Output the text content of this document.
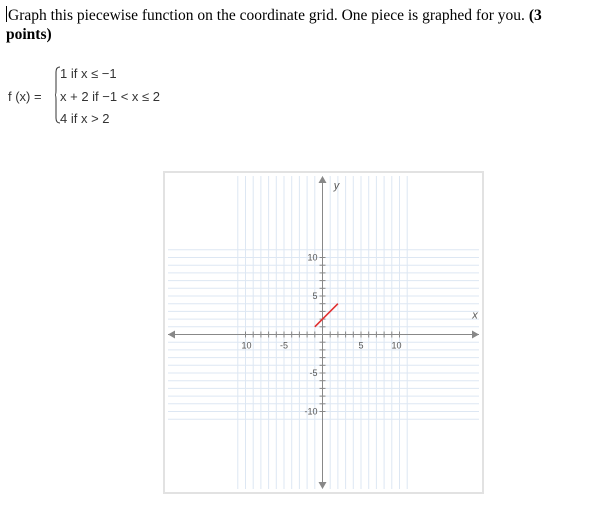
Graph this piecewise function on the coordinate grid. One piece is graphed for you. (3 points)
f (x) =
1 if x ≤ −1
x + 2 if −1 < x ≤ 2
4 if x > 2
10	-5	5	10
10
5
-5
-10
x
y
